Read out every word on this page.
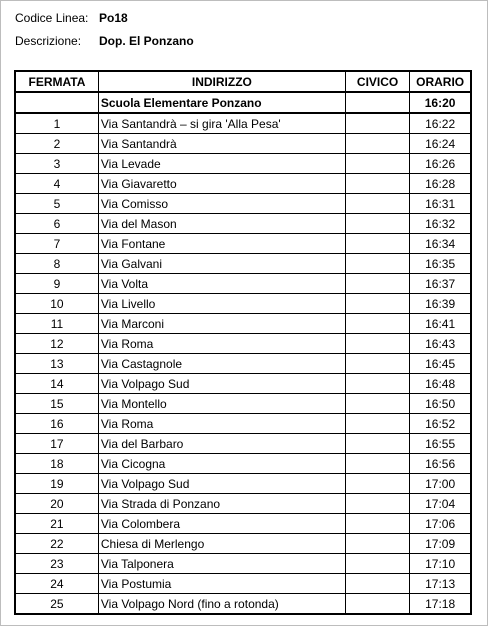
Codice Linea: Po18
Descrizione: Dop. El Ponzano
FERMATA	INDIRIZZO	CIVICO	ORARIO
	Scuola Elementare Ponzano		16:20
1	Via Santandrà – si gira 'Alla Pesa'		16:22
2	Via Santandrà		16:24
3	Via Levade		16:26
4	Via Giavaretto		16:28
5	Via Comisso		16:31
6	Via del Mason		16:32
7	Via Fontane		16:34
8	Via Galvani		16:35
9	Via Volta		16:37
10	Via Livello		16:39
11	Via Marconi		16:41
12	Via Roma		16:43
13	Via Castagnole		16:45
14	Via Volpago Sud		16:48
15	Via Montello		16:50
16	Via Roma		16:52
17	Via del Barbaro		16:55
18	Via Cicogna		16:56
19	Via Volpago Sud		17:00
20	Via Strada di Ponzano		17:04
21	Via Colombera		17:06
22	Chiesa di Merlengo		17:09
23	Via Talponera		17:10
24	Via Postumia		17:13
25	Via Volpago Nord (fino a rotonda)		17:18
